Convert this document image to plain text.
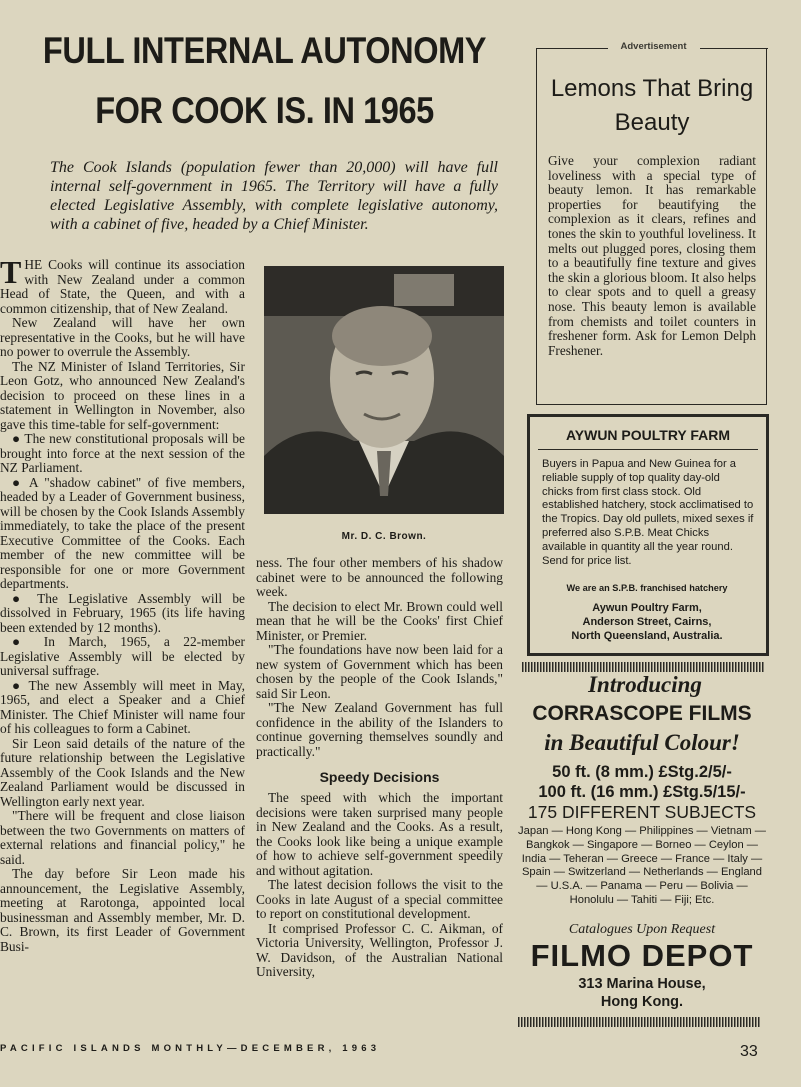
FULL INTERNAL AUTONOMY
FOR COOK IS. IN 1965
The Cook Islands (population fewer than 20,000) will have full internal self-government in 1965. The Territory will have a fully elected Legislative Assembly, with complete legislative autonomy, with a cabinet of five, headed by a Chief Minister.
T HE Cooks will continue its association with New Zealand under a common Head of State, the Queen, and with a common citizenship, that of New Zealand.

New Zealand will have her own representative in the Cooks, but he will have no power to overrule the Assembly.

The NZ Minister of Island Territories, Sir Leon Gotz, who announced New Zealand's decision to proceed on these lines in a statement in Wellington in November, also gave this time-table for self-government:

● The new constitutional proposals will be brought into force at the next session of the NZ Parliament.

● A "shadow cabinet" of five members, headed by a Leader of Government business, will be chosen by the Cook Islands Assembly immediately, to take the place of the present Executive Committee of the Cooks. Each member of the new committee will be responsible for one or more Government departments.

● The Legislative Assembly will be dissolved in February, 1965 (its life having been extended by 12 months).

● In March, 1965, a 22-member Legislative Assembly will be elected by universal suffrage.

● The new Assembly will meet in May, 1965, and elect a Speaker and a Chief Minister. The Chief Minister will name four of his colleagues to form a Cabinet.

Sir Leon said details of the nature of the future relationship between the Legislative Assembly of the Cook Islands and the New Zealand Parliament would be discussed in Wellington early next year.

"There will be frequent and close liaison between the two Governments on matters of external relations and financial policy," he said.

The day before Sir Leon made his announcement, the Legislative Assembly, meeting at Rarotonga, appointed local businessman and Assembly member, Mr. D. C. Brown, its first Leader of Government Busi-

Mr. D. C. Brown.

ness. The four other members of his shadow cabinet were to be announced the following week.

The decision to elect Mr. Brown could well mean that he will be the Cooks' first Chief Minister, or Premier.

"The foundations have now been laid for a new system of Government which has been chosen by the people of the Cook Islands," said Sir Leon.

"The New Zealand Government has full confidence in the ability of the Islanders to continue governing themselves soundly and practically."

Speedy Decisions

The speed with which the important decisions were taken surprised many people in New Zealand and the Cooks. As a result, the Cooks look like being a unique example of how to achieve self-government speedily and without agitation.

The latest decision follows the visit to the Cooks in late August of a special committee to report on constitutional development.

It comprised Professor C. C. Aikman, of Victoria University, Wellington, Professor J. W. Davidson, of the Australian National University,

Advertisement
Lemons That Bring
Beauty
Give your complexion radiant loveliness with a special type of beauty lemon. It has remarkable properties for beautifying the complexion as it clears, refines and tones the skin to youthful loveliness. It melts out plugged pores, closing them to a beautifully fine texture and gives the skin a glorious bloom. It also helps to clear spots and to quell a greasy nose. This beauty lemon is available from chemists and toilet counters in freshener form. Ask for Lemon Delph Freshener.
AYWUN POULTRY FARM
Buyers in Papua and New Guinea for a reliable supply of top quality day-old chicks from first class stock. Old established hatchery, stock acclimatised to the Tropics. Day old pullets, mixed sexes if preferred also S.P.B. Meat Chicks available in quantity all the year round. Send for price list.
We are an S.P.B. franchised hatchery
Aywun Poultry Farm,
Anderson Street, Cairns,
North Queensland, Australia.
Introducing
CORRASCOPE FILMS
in Beautiful Colour!
50 ft. (8 mm.) £Stg.2/5/-
100 ft. (16 mm.) £Stg.5/15/-
175 DIFFERENT SUBJECTS
Japan — Hong Kong — Philippines — Vietnam — Bangkok — Singapore — Borneo — Ceylon — India — Teheran — Greece — France — Italy — Spain — Switzerland — Netherlands — England — U.S.A. — Panama — Peru — Bolivia — Honolulu — Tahiti — Fiji; Etc.
Catalogues Upon Request
FILMO DEPOT
313 Marina House,
Hong Kong.
PACIFIC ISLANDS MONTHLY—DECEMBER, 1963	33
